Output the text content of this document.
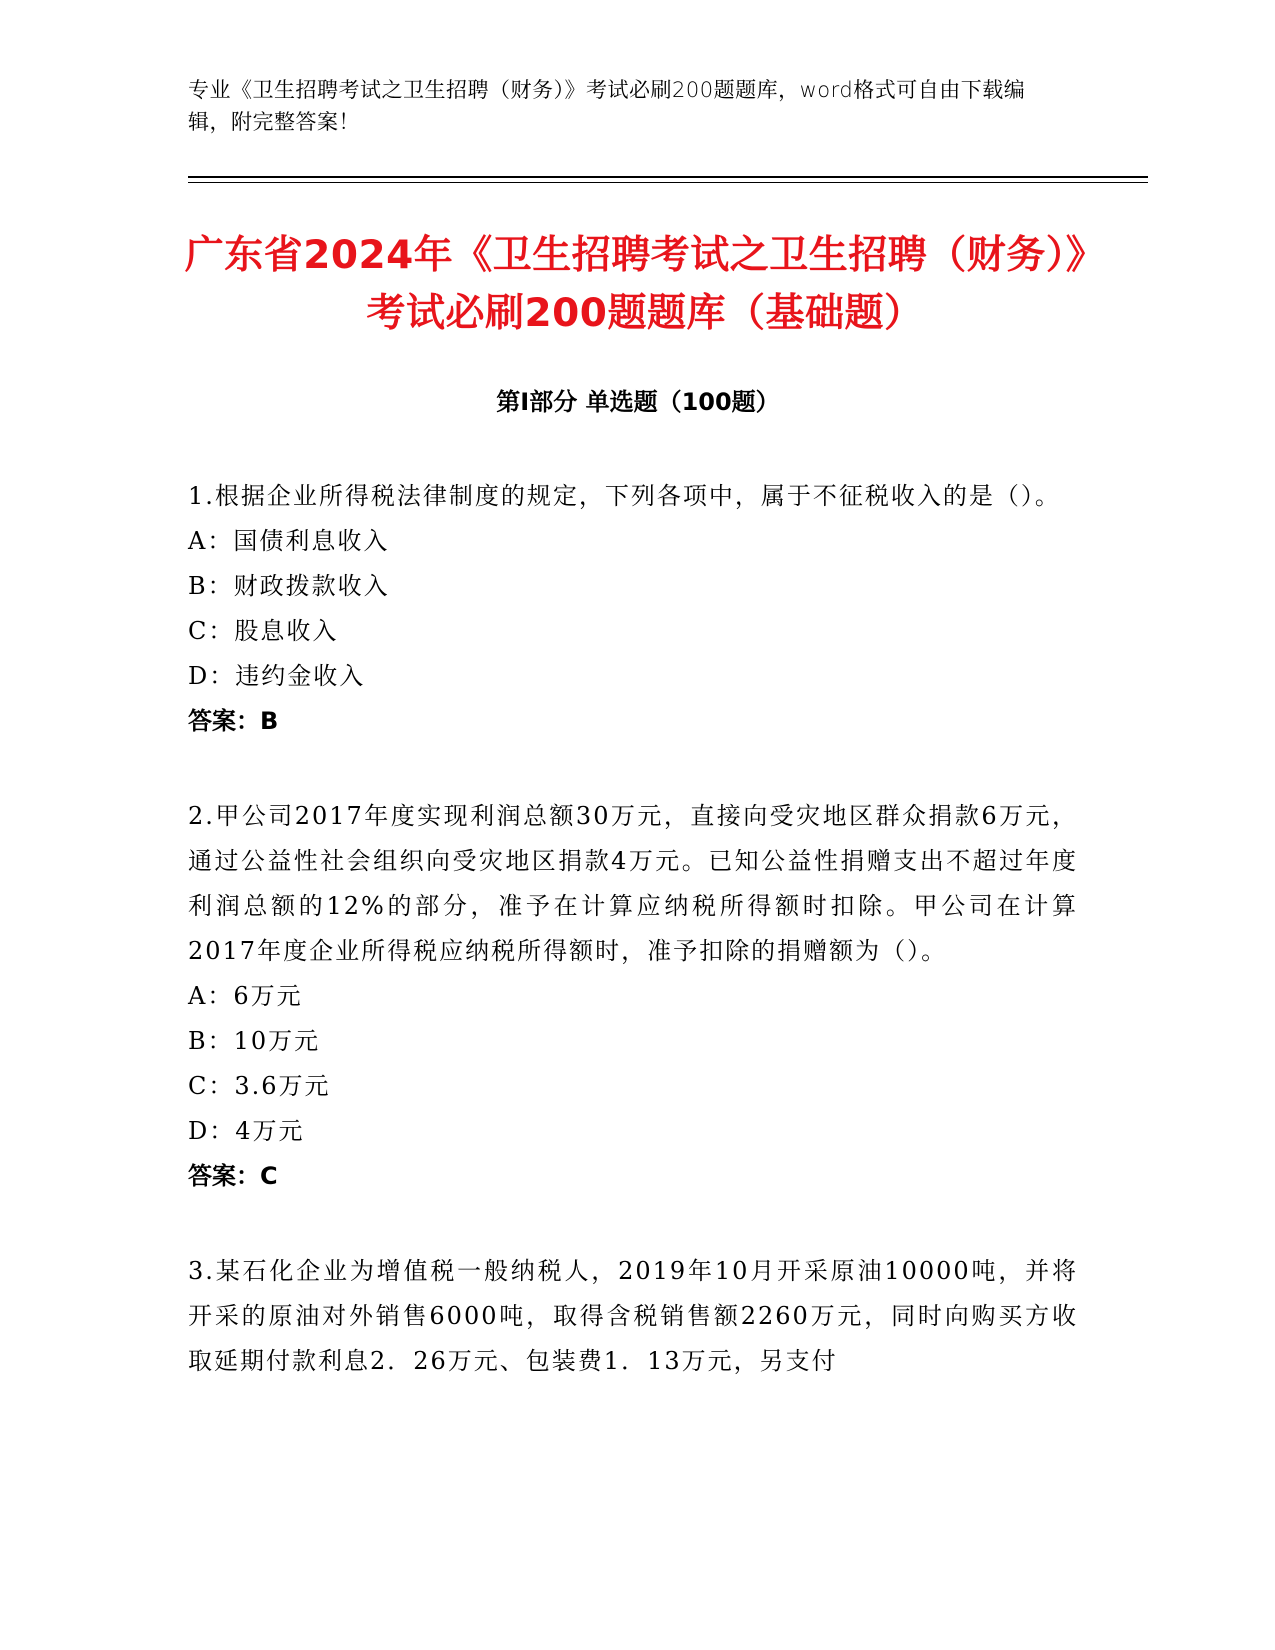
专业《卫生招聘考试之卫生招聘（财务）》考试必刷200题题库，word格式可自由下载编辑，附完整答案！
广东省2024年《卫生招聘考试之卫生招聘（财务）》考试必刷200题题库（基础题）
第Ⅰ部分 单选题（100题）
1.根据企业所得税法律制度的规定，下列各项中，属于不征税收入的是（）。
A：国债利息收入
B：财政拨款收入
C：股息收入
D：违约金收入
答案：B
2.甲公司2017年度实现利润总额30万元，直接向受灾地区群众捐款6万元，通过公益性社会组织向受灾地区捐款4万元。已知公益性捐赠支出不超过年度利润总额的12%的部分，准予在计算应纳税所得额时扣除。甲公司在计算2017年度企业所得税应纳税所得额时，准予扣除的捐赠额为（）。
A：6万元
B：10万元
C：3.6万元
D：4万元
答案：C
3.某石化企业为增值税一般纳税人，2019年10月开采原油10000吨，并将开采的原油对外销售6000吨，取得含税销售额2260万元，同时向购买方收取延期付款利息2．26万元、包装费1．13万元，另支付
